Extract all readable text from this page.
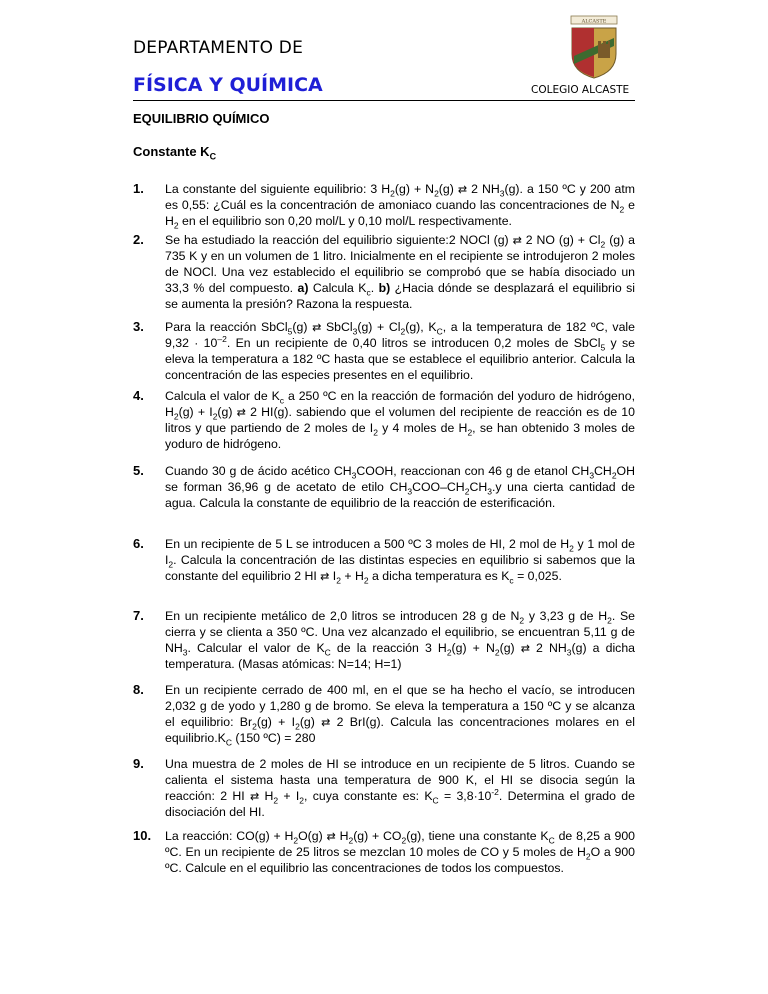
DEPARTAMENTO DE
FÍSICA Y QUÍMICA	COLEGIO ALCASTE
ALCASTE
EQUILIBRIO QUÍMICO
Constante $K_C$
1. La constante del siguiente equilibrio: 3 $H_2(g) + N_2(g)$ ⇄ 2 $NH_3(g)$. a 150 ºC y 200 atm es 0,55: ¿Cuál es la concentración de amoniaco cuando las concentraciones de $N_2$ e $H_2$ en el equilibrio son 0,20 mol/L y 0,10 mol/L respectivamente.
2. Se ha estudiado la reacción del equilibrio siguiente:2 NOCl (g) ⇄ 2 NO $(g) + Cl_2$ (g) a 735 K y en un volumen de 1 litro. Inicialmente en el recipiente se introdujeron 2 moles de NOCl. Una vez establecido el equilibrio se comprobó que se había disociado un 33,3 % del compuesto. a) Calcula $K_c$. b) ¿Hacia dónde se desplazará el equilibrio si se aumenta la presión? Razona la respuesta.
3. Para la reacción SbCl$_5$(g) ⇄ SbCl$_3$(g) + $Cl_2(g)$, $K_C$, a la temperatura de 182 ºC, vale $9,32 \cdot 10^{-2}$. En un recipiente de 0,40 litros se introducen 0,2 moles de SbCl$_5$ y se eleva la temperatura a 182 ºC hasta que se establece el equilibrio anterior. Calcula la concentración de las especies presentes en el equilibrio.
4. Calcula el valor de $K_c$ a 250 ºC en la reacción de formación del yoduro de hidrógeno, $H_2(g) + I_2(g)$ ⇄ 2 HI(g). sabiendo que el volumen del recipiente de reacción es de 10 litros y que partiendo de 2 moles de $I_2$ y 4 moles de $H_2$, se han obtenido 3 moles de yoduro de hidrógeno.
5. Cuando 30 g de ácido acético $CH_3COOH$, reaccionan con 46 g de etanol $CH_3CH_2OH$ se forman 36,96 g de acetato de etilo $CH_3COO-CH_2CH_3.y$ una cierta cantidad de agua. Calcula la constante de equilibrio de la reacción de esterificación.
6. En un recipiente de 5 L se introducen a 500 ºC 3 moles de HI, 2 mol de $H_2$ y 1 mol de $I_2$. Calcula la concentración de las distintas especies en equilibrio si sabemos que la constante del equilibrio 2 HI ⇄ $I_2 + H_2$ a dicha temperatura es $K_c = 0,025$.
7. En un recipiente metálico de 2,0 litros se introducen 28 g de $N_2$ y 3,23 g de $H_2$. Se cierra y se clienta a 350 ºC. Una vez alcanzado el equilibrio, se encuentran 5,11 g de $NH_3$. Calcular el valor de $K_C$ de la reacción 3 $H_2(g) + N_2(g)$ ⇄ 2 $NH_3(g)$ a dicha temperatura. (Masas atómicas: N=14; H=1)
8. En un recipiente cerrado de 400 ml, en el que se ha hecho el vacío, se introducen 2,032 g de yodo y 1,280 g de bromo. Se eleva la temperatura a 150 ºC y se alcanza el equilibrio: $Br_2(g) + I_2(g)$ ⇄ 2 BrI(g). Calcula las concentraciones molares en el $equilibrio.K_C$ (150 ºC) = 280
9. Una muestra de 2 moles de HI se introduce en un recipiente de 5 litros. Cuando se calienta el sistema hasta una temperatura de 900 K, el HI se disocia según la reacción: 2 HI ⇄ $H_2 + I_2$, cuya constante es: $K_C = 3,8\cdot 10^{-2}$. Determina el grado de disociación del HI.
10. La reacción: $CO(g) + H_2O(g)$ ⇄ $H_2(g) + CO_2(g)$, tiene una constante $K_C$ de 8,25 a 900 ºC. En un recipiente de 25 litros se mezclan 10 moles de CO y 5 moles de $H_2O$ a 900 ºC. Calcule en el equilibrio las concentraciones de todos los compuestos.
